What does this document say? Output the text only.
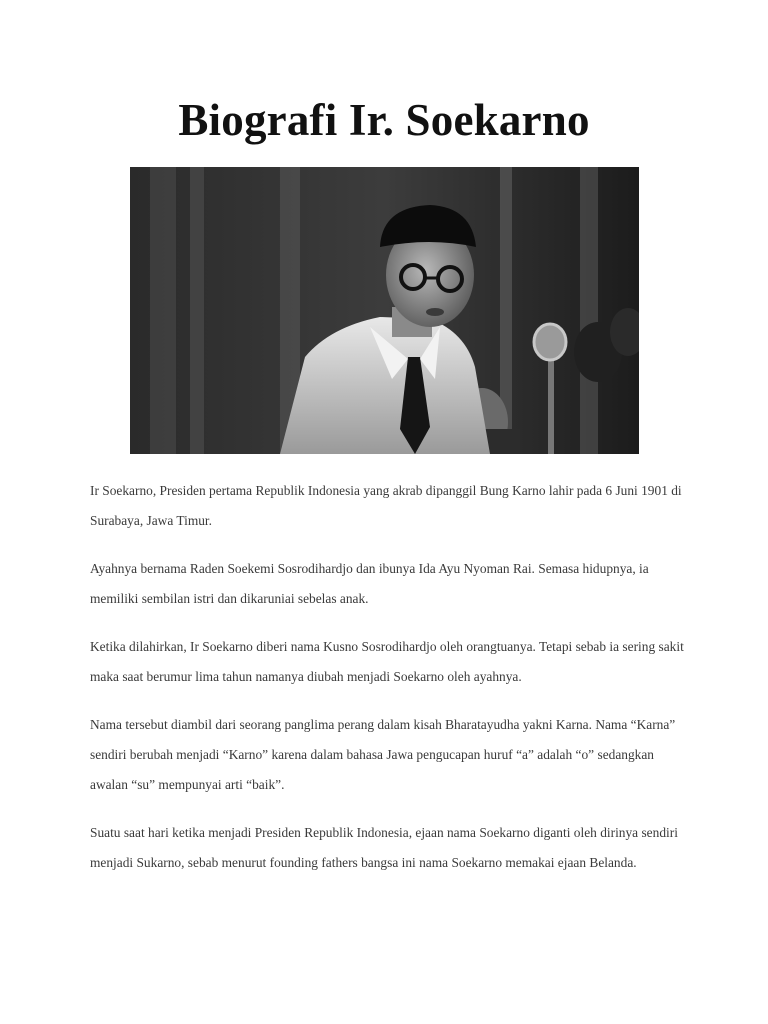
Biografi Ir. Soekarno

Ir Soekarno, Presiden pertama Republik Indonesia yang akrab dipanggil Bung Karno lahir pada 6 Juni 1901 di Surabaya, Jawa Timur.

Ayahnya bernama Raden Soekemi Sosrodihardjo dan ibunya Ida Ayu Nyoman Rai. Semasa hidupnya, ia memiliki sembilan istri dan dikaruniai sebelas anak.

Ketika dilahirkan, Ir Soekarno diberi nama Kusno Sosrodihardjo oleh orangtuanya. Tetapi sebab ia sering sakit maka saat berumur lima tahun namanya diubah menjadi Soekarno oleh ayahnya.

Nama tersebut diambil dari seorang panglima perang dalam kisah Bharatayudha yakni Karna. Nama “Karna” sendiri berubah menjadi “Karno” karena dalam bahasa Jawa pengucapan huruf “a” adalah “o” sedangkan awalan “su” mempunyai arti “baik”.

Suatu saat hari ketika menjadi Presiden Republik Indonesia, ejaan nama Soekarno diganti oleh dirinya sendiri menjadi Sukarno, sebab menurut founding fathers bangsa ini nama Soekarno memakai ejaan Belanda.
